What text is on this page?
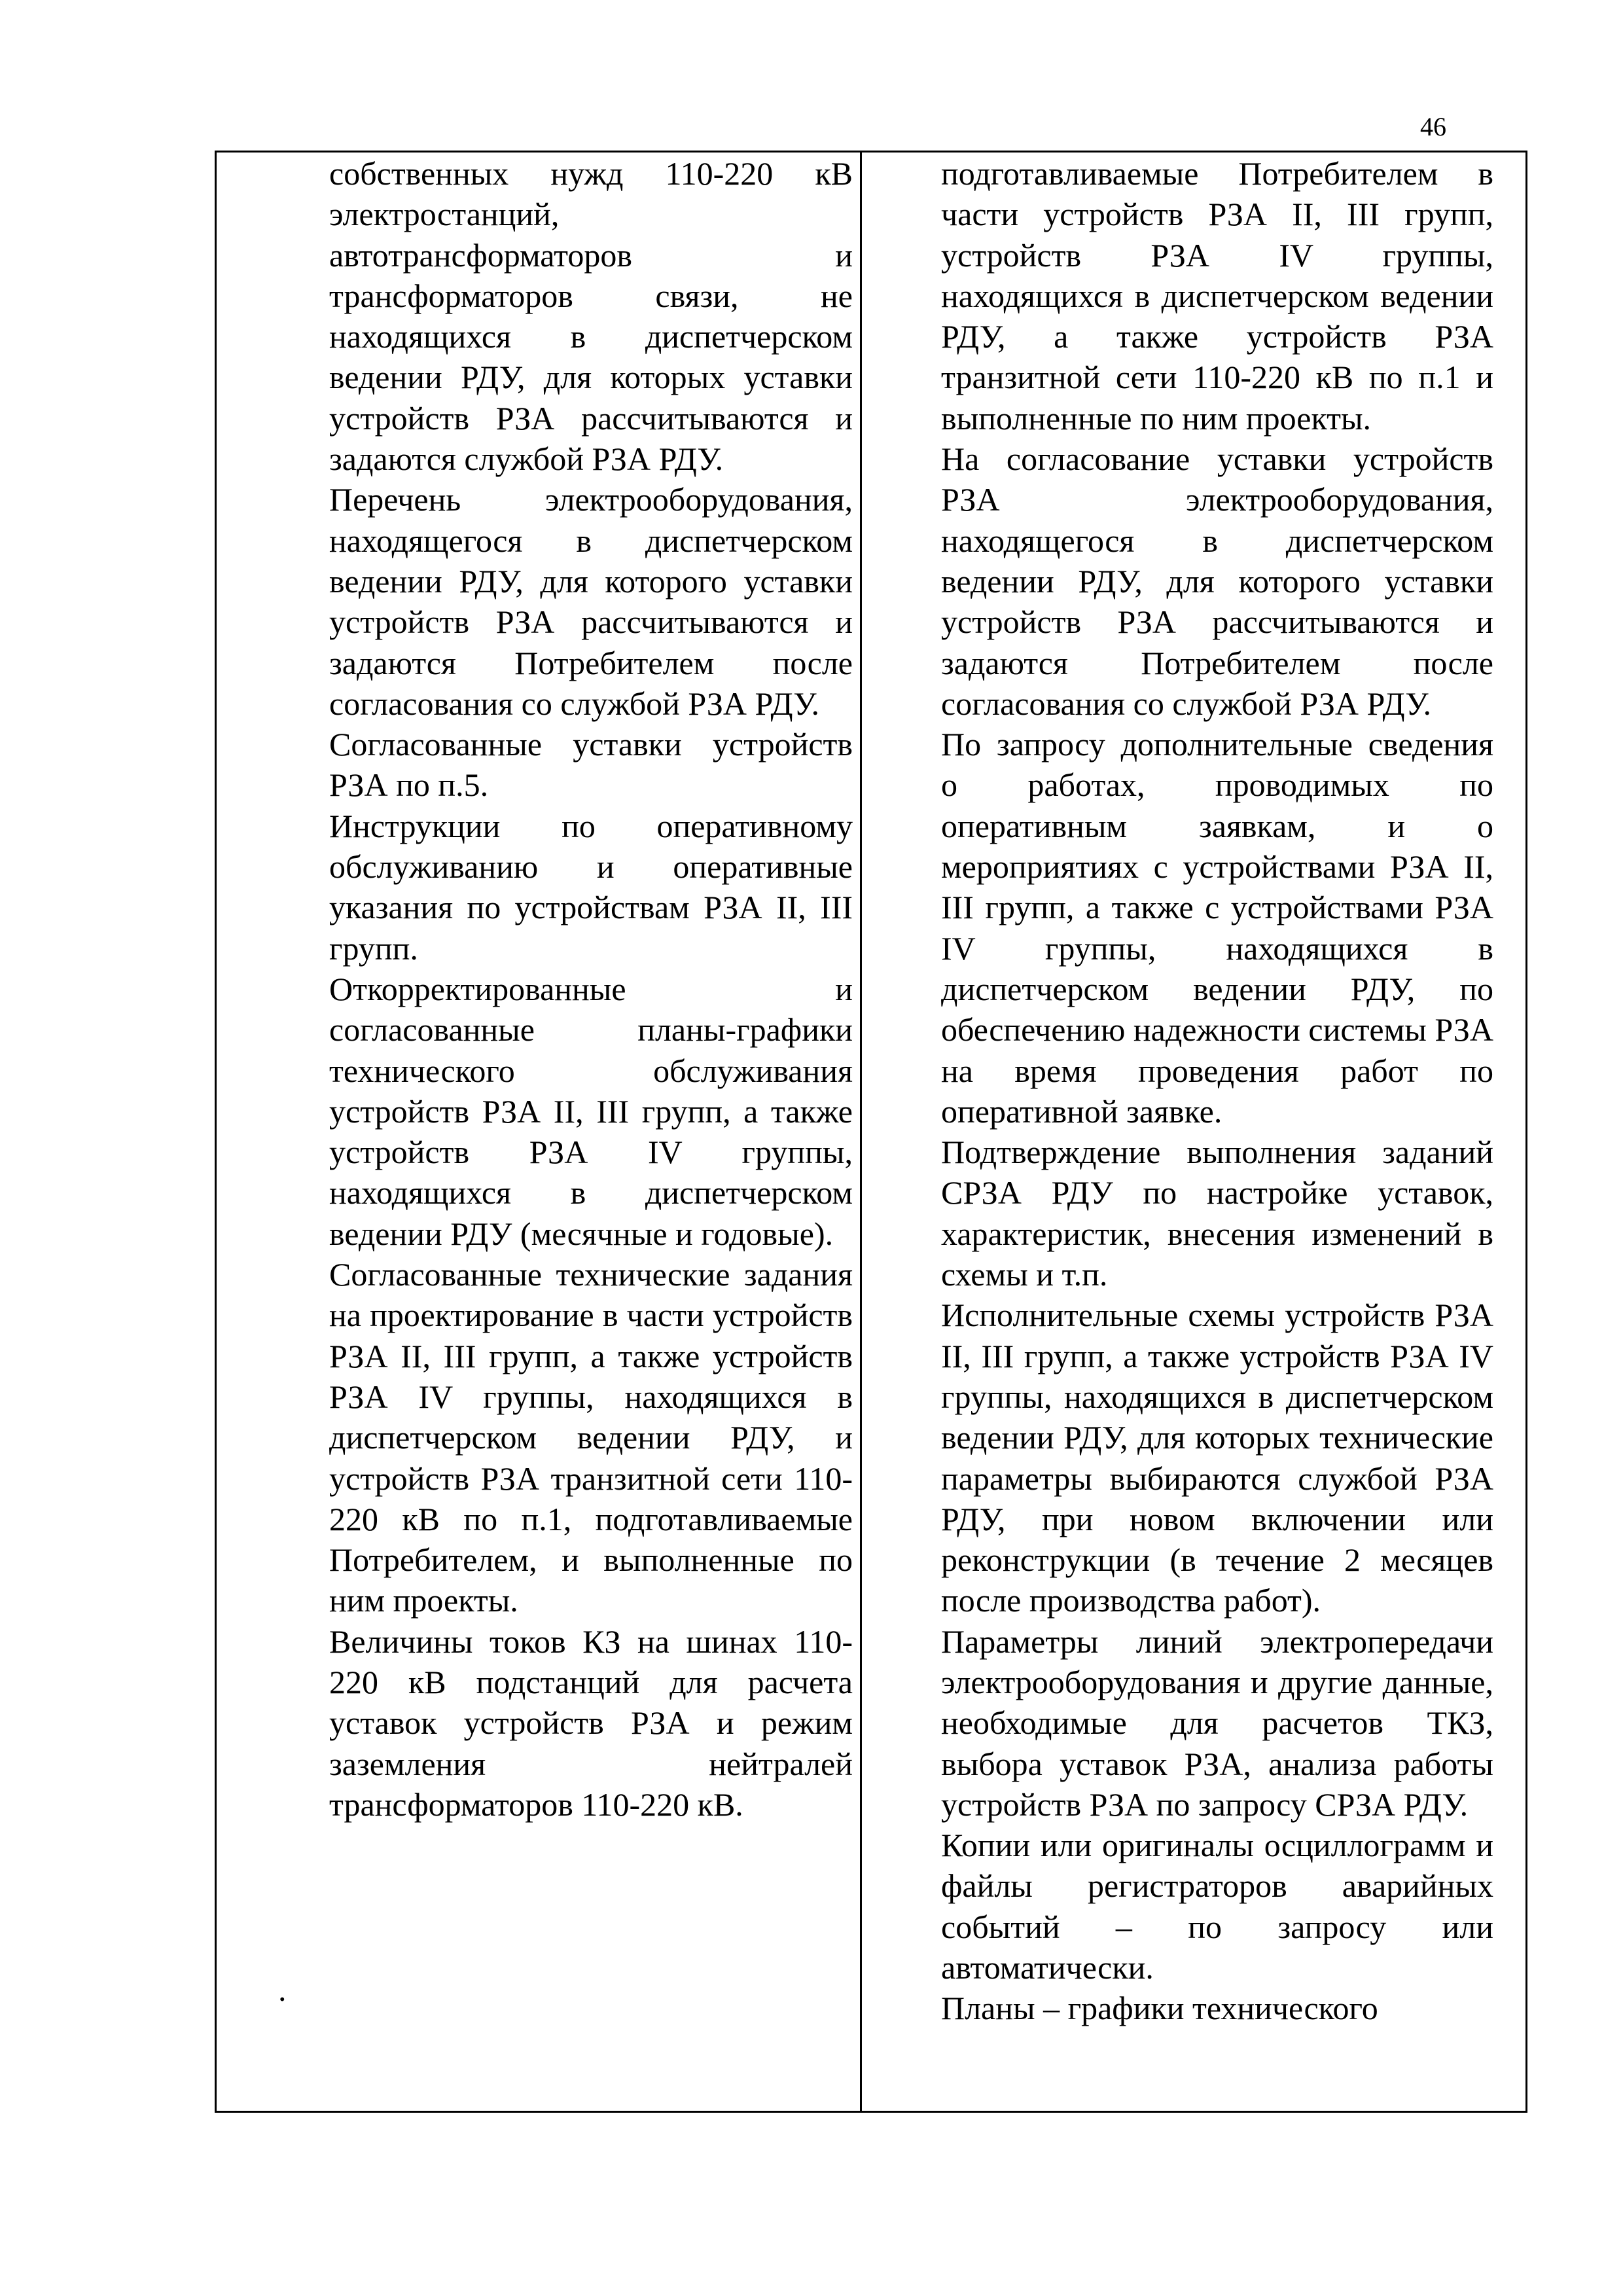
46

собственных нужд 110-220 кВ электростанций, автотрансформаторов и трансформаторов связи, не находящихся в диспетчерском ведении РДУ, для которых уставки устройств РЗА рассчитываются и задаются службой РЗА РДУ.

Перечень электрооборудования, находящегося в диспетчерском ведении РДУ, для которого уставки устройств РЗА рассчитываются и задаются Потребителем после согласования со службой РЗА РДУ.

Согласованные уставки устройств РЗА по п.5.

Инструкции по оперативному обслуживанию и оперативные указания по устройствам РЗА II, III групп.

Откорректированные и согласованные планы-графики технического обслуживания устройств РЗА II, III групп, а также устройств РЗА IV группы, находящихся в диспетчерском ведении РДУ (месячные и годовые).

Согласованные технические задания на проектирование в части устройств РЗА II, III групп, а также устройств РЗА IV группы, находящихся в диспетчерском ведении РДУ, и устройств РЗА транзитной сети 110-220 кВ по п.1, подготавливаемые Потребителем, и выполненные по ним проекты.

Величины токов КЗ на шинах 110-220 кВ подстанций для расчета уставок устройств РЗА и режим заземления нейтралей трансформаторов 110-220 кВ.

.

подготавливаемые Потребителем в части устройств РЗА II, III групп, устройств РЗА IV группы, находящихся в диспетчерском ведении РДУ, а также устройств РЗА транзитной сети 110-220 кВ по п.1 и выполненные по ним проекты.

На согласование уставки устройств РЗА электрооборудования, находящегося в диспетчерском ведении РДУ, для которого уставки устройств РЗА рассчитываются и задаются Потребителем после согласования со службой РЗА РДУ.

По запросу дополнительные сведения о работах, проводимых по оперативным заявкам, и о мероприятиях с устройствами РЗА II, III групп, а также с устройствами РЗА IV группы, находящихся в диспетчерском ведении РДУ, по обеспечению надежности системы РЗА на время проведения работ по оперативной заявке.

Подтверждение выполнения заданий СРЗА РДУ по настройке уставок, характеристик, внесения изменений в схемы и т.п.

Исполнительные схемы устройств РЗА II, III групп, а также устройств РЗА IV группы, находящихся в диспетчерском ведении РДУ, для которых технические параметры выбираются службой РЗА РДУ, при новом включении или реконструкции (в течение 2 месяцев после производства работ).

Параметры линий электропередачи электрооборудования и другие данные, необходимые для расчетов ТКЗ, выбора уставок РЗА, анализа работы устройств РЗА по запросу СРЗА РДУ.

Копии или оригиналы осциллограмм и файлы регистраторов аварийных событий – по запросу или автоматически.

Планы – графики технического
